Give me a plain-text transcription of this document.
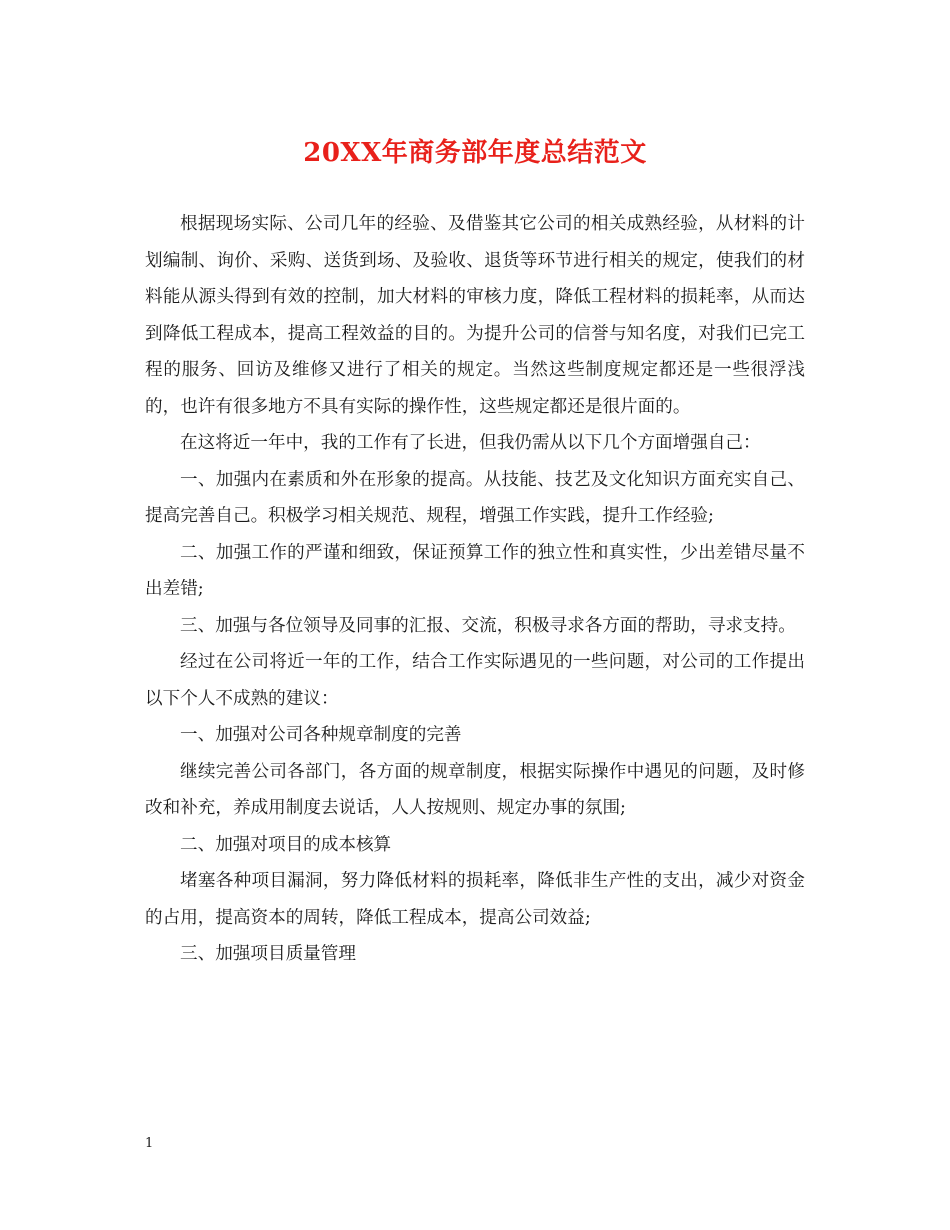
20XX年商务部年度总结范文

根据现场实际、公司几年的经验、及借鉴其它公司的相关成熟经验，从材料的计划编制、询价、采购、送货到场、及验收、退货等环节进行相关的规定，使我们的材料能从源头得到有效的控制，加大材料的审核力度，降低工程材料的损耗率，从而达到降低工程成本，提高工程效益的目的。为提升公司的信誉与知名度，对我们已完工程的服务、回访及维修又进行了相关的规定。当然这些制度规定都还是一些很浮浅的，也许有很多地方不具有实际的操作性，这些规定都还是很片面的。

在这将近一年中，我的工作有了长进，但我仍需从以下几个方面增强自己：

一、加强内在素质和外在形象的提高。从技能、技艺及文化知识方面充实自己、提高完善自己。积极学习相关规范、规程，增强工作实践，提升工作经验;

二、加强工作的严谨和细致，保证预算工作的独立性和真实性，少出差错尽量不出差错;

三、加强与各位领导及同事的汇报、交流，积极寻求各方面的帮助，寻求支持。

经过在公司将近一年的工作，结合工作实际遇见的一些问题，对公司的工作提出以下个人不成熟的建议：

一、加强对公司各种规章制度的完善

继续完善公司各部门，各方面的规章制度，根据实际操作中遇见的问题，及时修改和补充，养成用制度去说话，人人按规则、规定办事的氛围;

二、加强对项目的成本核算

堵塞各种项目漏洞，努力降低材料的损耗率，降低非生产性的支出，减少对资金的占用，提高资本的周转，降低工程成本，提高公司效益;

三、加强项目质量管理

1
